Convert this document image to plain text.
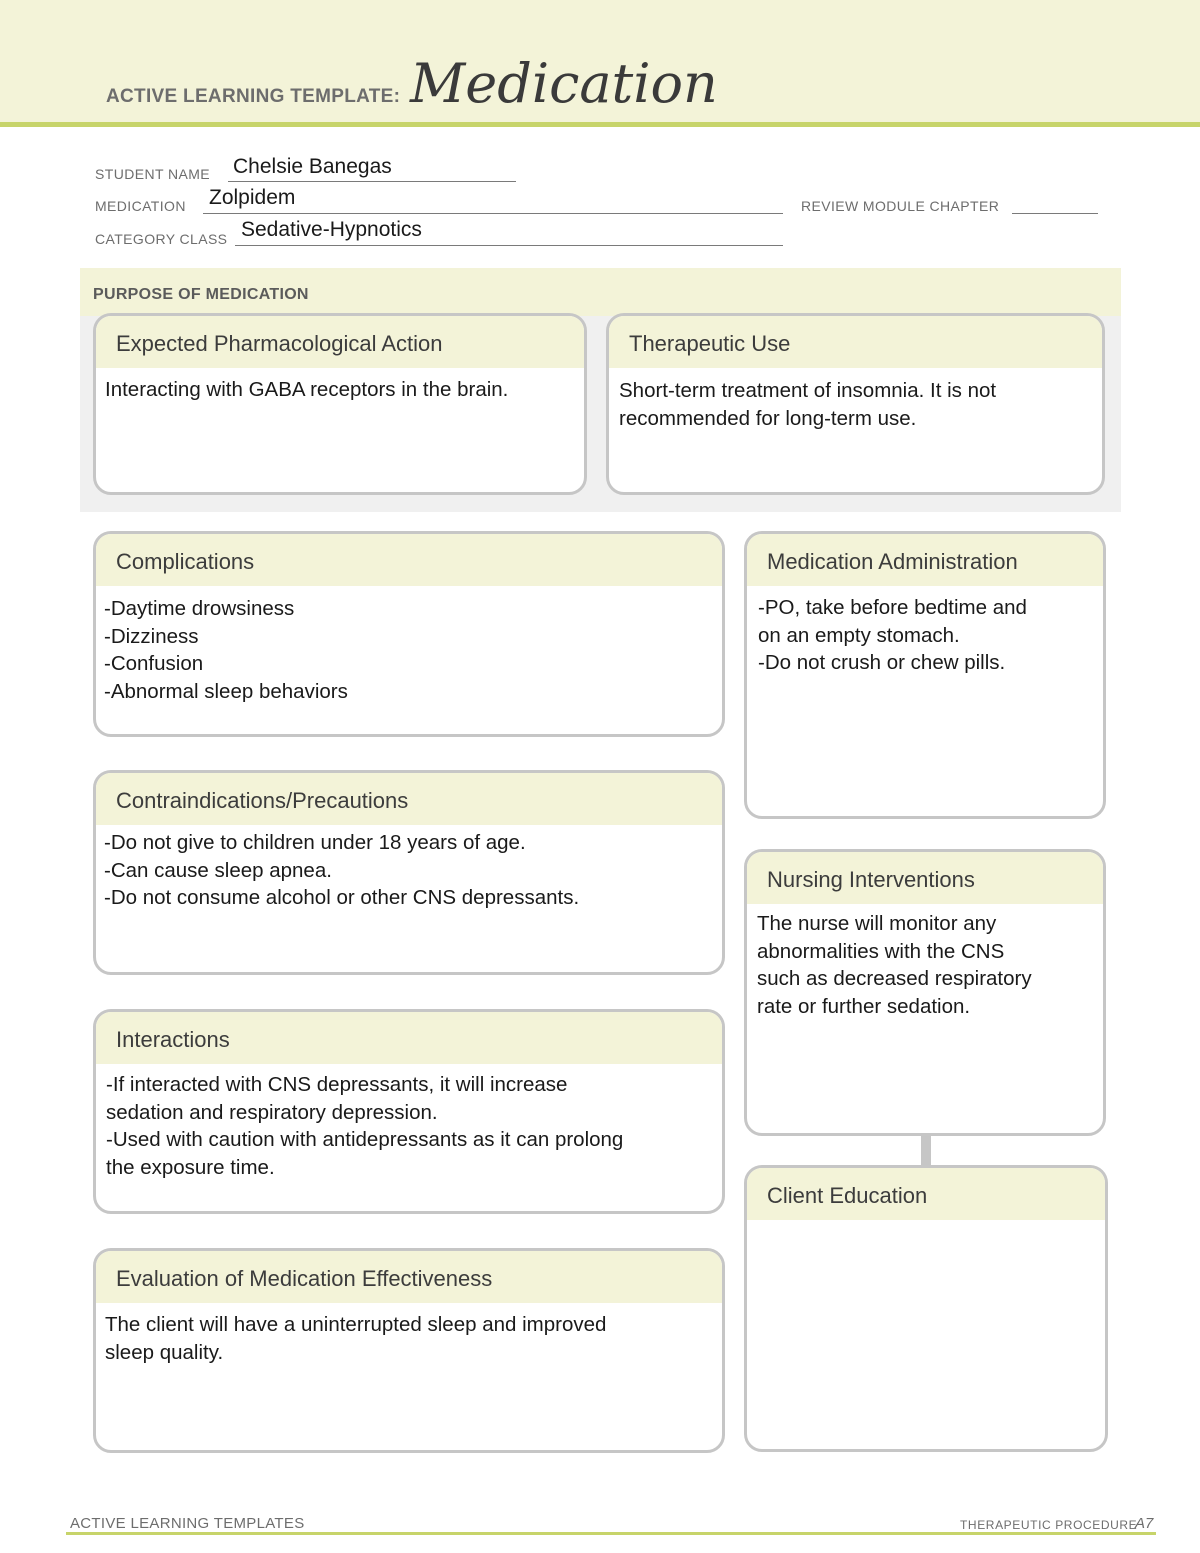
ACTIVE LEARNING TEMPLATE: Medication
STUDENT NAME Chelsie Banegas
MEDICATION Zolpidem	REVIEW MODULE CHAPTER
CATEGORY CLASS Sedative-Hypnotics
PURPOSE OF MEDICATION
Expected Pharmacological Action
Interacting with GABA receptors in the brain.
Therapeutic Use
Short-term treatment of insomnia. It is not
recommended for long-term use.
Complications
-Daytime drowsiness
-Dizziness
-Confusion
-Abnormal sleep behaviors
Medication Administration
-PO, take before bedtime and
on an empty stomach.
-Do not crush or chew pills.
Contraindications/Precautions
-Do not give to children under 18 years of age.
-Can cause sleep apnea.
-Do not consume alcohol or other CNS depressants.
Nursing Interventions
The nurse will monitor any
abnormalities with the CNS
such as decreased respiratory
rate or further sedation.
Interactions
-If interacted with CNS depressants, it will increase
sedation and respiratory depression.
-Used with caution with antidepressants as it can prolong
the exposure time.
Client Education
Evaluation of Medication Effectiveness
The client will have a uninterrupted sleep and improved
sleep quality.
ACTIVE LEARNING TEMPLATES	THERAPEUTIC PROCEDURE
A7
